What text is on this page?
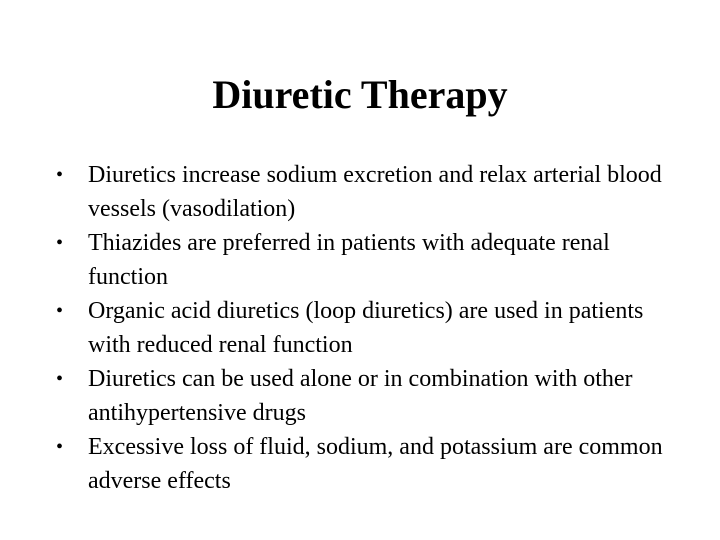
Diuretic Therapy
•	Diuretics increase sodium excretion and relax arterial blood vessels (vasodilation)
•	Thiazides are preferred in patients with adequate renal function
•	Organic acid diuretics (loop diuretics) are used in patients with reduced renal function
•	Diuretics can be used alone or in combination with other antihypertensive drugs
•	Excessive loss of fluid, sodium, and potassium are common adverse effects
